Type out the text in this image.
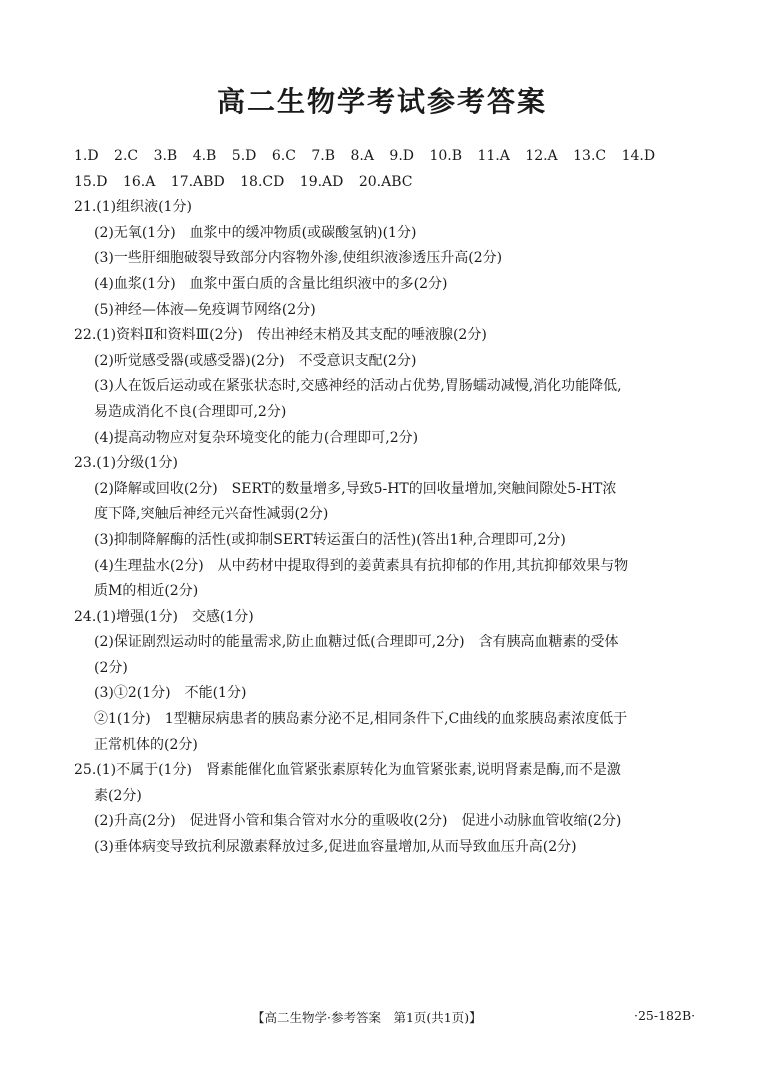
高二生物学考试参考答案
1.D 2.C 3.B 4.B 5.D 6.C 7.B 8.A 9.D 10.B 11.A 12.A 13.C 14.D
15.D 16.A 17.ABD 18.CD 19.AD 20.ABC
21.(1)组织液(1分)
(2)无氧(1分) 血浆中的缓冲物质(或碳酸氢钠)(1分)
(3)一些肝细胞破裂导致部分内容物外渗,使组织液渗透压升高(2分)
(4)血浆(1分) 血浆中蛋白质的含量比组织液中的多(2分)
(5)神经—体液—免疫调节网络(2分)
22.(1)资料Ⅱ和资料Ⅲ(2分) 传出神经末梢及其支配的唾液腺(2分)
(2)听觉感受器(或感受器)(2分) 不受意识支配(2分)
(3)人在饭后运动或在紧张状态时,交感神经的活动占优势,胃肠蠕动减慢,消化功能降低,
易造成消化不良(合理即可,2分)
(4)提高动物应对复杂环境变化的能力(合理即可,2分)
23.(1)分级(1分)
(2)降解或回收(2分) SERT的数量增多,导致5-HT的回收量增加,突触间隙处5-HT浓
度下降,突触后神经元兴奋性减弱(2分)
(3)抑制降解酶的活性(或抑制SERT转运蛋白的活性)(答出1种,合理即可,2分)
(4)生理盐水(2分) 从中药材中提取得到的姜黄素具有抗抑郁的作用,其抗抑郁效果与物
质M的相近(2分)
24.(1)增强(1分) 交感(1分)
(2)保证剧烈运动时的能量需求,防止血糖过低(合理即可,2分) 含有胰高血糖素的受体
(2分)
(3)①2(1分) 不能(1分)
②1(1分) 1型糖尿病患者的胰岛素分泌不足,相同条件下,C曲线的血浆胰岛素浓度低于
正常机体的(2分)
25.(1)不属于(1分) 肾素能催化血管紧张素原转化为血管紧张素,说明肾素是酶,而不是激
素(2分)
(2)升高(2分) 促进肾小管和集合管对水分的重吸收(2分) 促进小动脉血管收缩(2分)
(3)垂体病变导致抗利尿激素释放过多,促进血容量增加,从而导致血压升高(2分)
【高二生物学·参考答案　第1页(共1页)】	·25-182B·
